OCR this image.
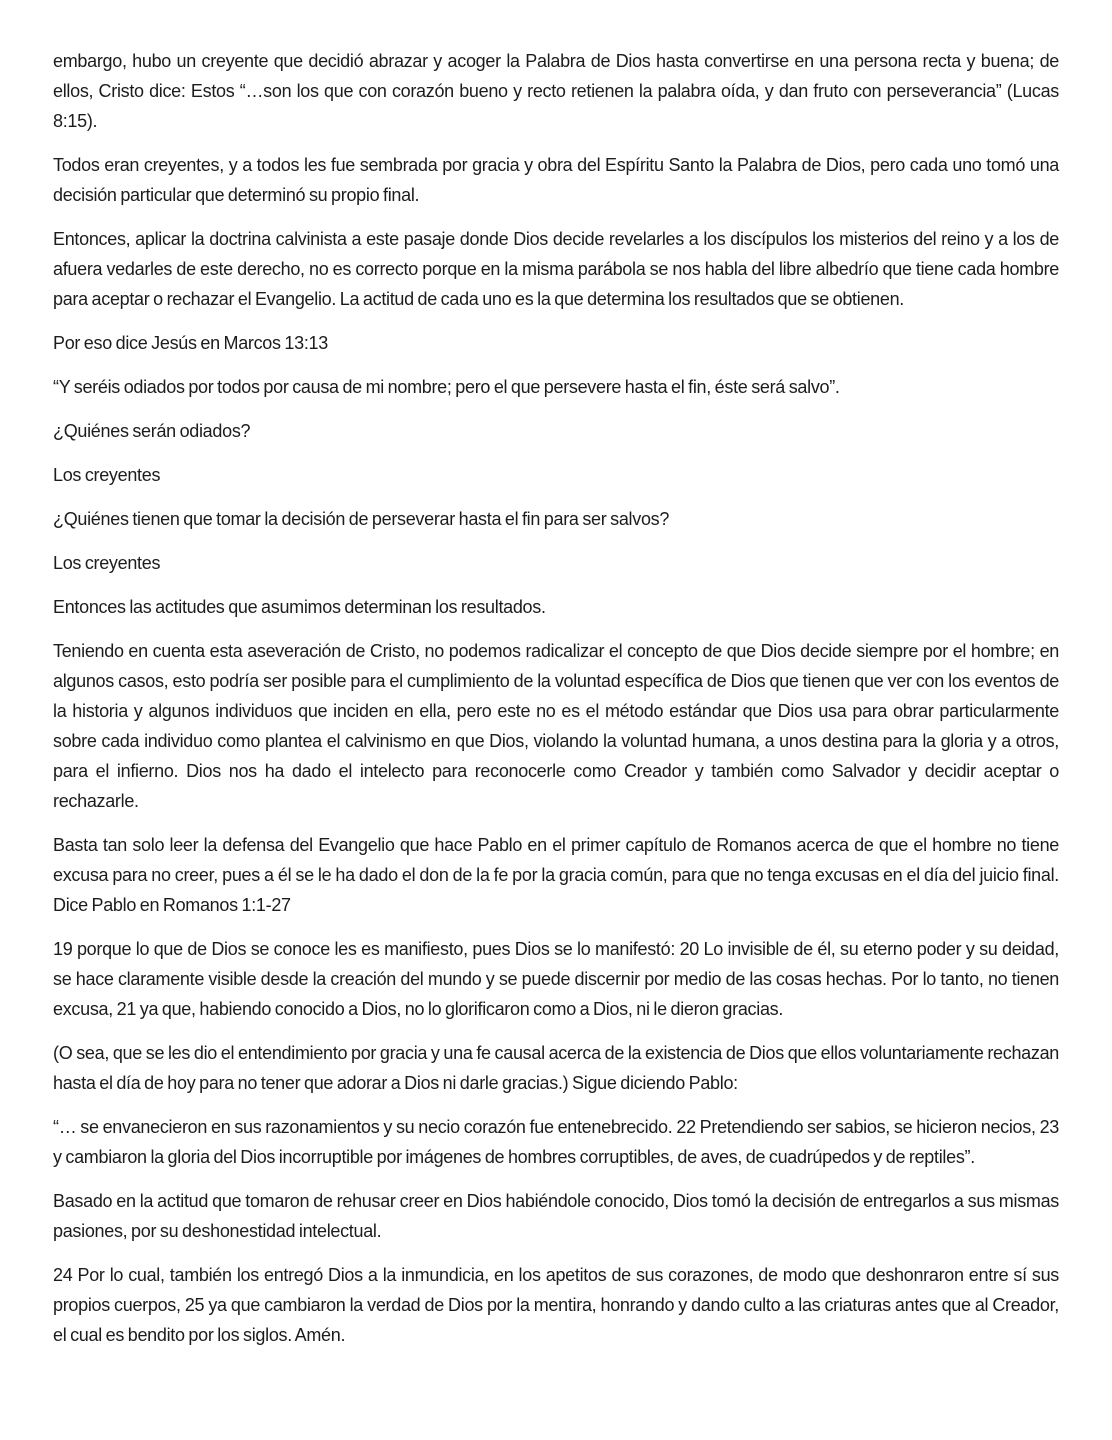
embargo, hubo un creyente que decidió abrazar y acoger la Palabra de Dios hasta convertirse en una persona recta y buena; de ellos, Cristo dice: Estos “…son los que con corazón bueno y recto retienen la palabra oída, y dan fruto con perseverancia” (Lucas 8:15).

Todos eran creyentes, y a todos les fue sembrada por gracia y obra del Espíritu Santo la Palabra de Dios, pero cada uno tomó una decisión particular que determinó su propio final.

Entonces, aplicar la doctrina calvinista a este pasaje donde Dios decide revelarles a los discípulos los misterios del reino y a los de afuera vedarles de este derecho, no es correcto porque en la misma parábola se nos habla del libre albedrío que tiene cada hombre para aceptar o rechazar el Evangelio. La actitud de cada uno es la que determina los resultados que se obtienen.

Por eso dice Jesús en Marcos 13:13

“Y seréis odiados por todos por causa de mi nombre; pero el que persevere hasta el fin, éste será salvo”.

¿Quiénes serán odiados?

Los creyentes

¿Quiénes tienen que tomar la decisión de perseverar hasta el fin para ser salvos?

Los creyentes

Entonces las actitudes que asumimos determinan los resultados.

Teniendo en cuenta esta aseveración de Cristo, no podemos radicalizar el concepto de que Dios decide siempre por el hombre; en algunos casos, esto podría ser posible para el cumplimiento de la voluntad específica de Dios que tienen que ver con los eventos de la historia y algunos individuos que inciden en ella, pero este no es el método estándar que Dios usa para obrar particularmente sobre cada individuo como plantea el calvinismo en que Dios, violando la voluntad humana, a unos destina para la gloria y a otros, para el infierno. Dios nos ha dado el intelecto para reconocerle como Creador y también como Salvador y decidir aceptar o rechazarle.

Basta tan solo leer la defensa del Evangelio que hace Pablo en el primer capítulo de Romanos acerca de que el hombre no tiene excusa para no creer, pues a él se le ha dado el don de la fe por la gracia común, para que no tenga excusas en el día del juicio final. Dice Pablo en Romanos 1:1-27

19 porque lo que de Dios se conoce les es manifiesto, pues Dios se lo manifestó: 20 Lo invisible de él, su eterno poder y su deidad, se hace claramente visible desde la creación del mundo y se puede discernir por medio de las cosas hechas. Por lo tanto, no tienen excusa, 21 ya que, habiendo conocido a Dios, no lo glorificaron como a Dios, ni le dieron gracias.

(O sea, que se les dio el entendimiento por gracia y una fe causal acerca de la existencia de Dios que ellos voluntariamente rechazan hasta el día de hoy para no tener que adorar a Dios ni darle gracias.) Sigue diciendo Pablo:

“… se envanecieron en sus razonamientos y su necio corazón fue entenebrecido. 22 Pretendiendo ser sabios, se hicieron necios, 23 y cambiaron la gloria del Dios incorruptible por imágenes de hombres corruptibles, de aves, de cuadrúpedos y de reptiles”.

Basado en la actitud que tomaron de rehusar creer en Dios habiéndole conocido, Dios tomó la decisión de entregarlos a sus mismas pasiones, por su deshonestidad intelectual.

24 Por lo cual, también los entregó Dios a la inmundicia, en los apetitos de sus corazones, de modo que deshonraron entre sí sus propios cuerpos, 25 ya que cambiaron la verdad de Dios por la mentira, honrando y dando culto a las criaturas antes que al Creador, el cual es bendito por los siglos. Amén.
